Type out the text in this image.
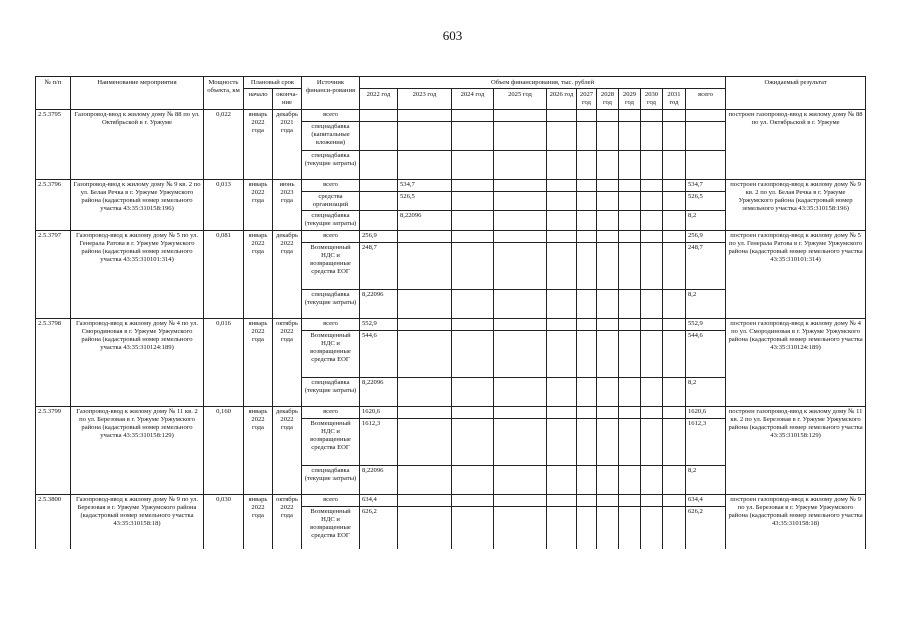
603
№ п/п	Наименование мероприятия	Мощность объекта, км	Плановый срок		Источник финанси-рования	Объем финансирования, тыс. рублей											Ожидаемый результат
			начало	оконча-ние		2022 год	2023 год	2024 год	2025 год	2026 год	2027 год	2028 год	2029 год	2030 год	2031 год	всего	
2.5.3795	Газопровод-ввод к жилому дому № 88 по ул. Октябрьской в г. Уржуме	0,022	январь 2022 года	декабрь 2021 года	всего												построен газопровод-ввод к жилому дому № 88 по ул. Октябрьской в г. Уржуме
					спецнадбавка (капитальные вложения)												
					спецнадбавка (текущие затраты)												
2.5.3796	Газопровод-ввод к жилому дому № 9 кв. 2 по ул. Белая Речка в г. Уржуме Уржумского района (кадастровый номер земельного участка 43:35:310158:196)	0,013	январь 2022 года	июнь 2023 года	всего		534,7									534,7	построен газопровод-ввод к жилому дому № 9 кв. 2 по ул. Белая Речка в г. Уржуме Уржумского района (кадастровый номер земельного участка 43:35:310158:196)
					средства организаций		526,5									526,5	
					спецнадбавка (текущие затраты)		8,22096									8,2	
2.5.3797	Газопровод-ввод к жилому дому № 5 по ул. Генерала Ратова в г. Уржуме Уржумского района (кадастровый номер земельного участка 43:35:310101:314)	0,081	январь 2022 года	декабрь 2022 года	всего	256,9										256,9	построен газопровод-ввод к жилому дому № 5 по ул. Генерала Ратова в г. Уржуме Уржумского района (кадастровый номер земельного участка 43:35:310101:314)
					Возмещенный НДС и возвращенные средства ЕОГ	248,7										248,7	
					спецнадбавка (текущие затраты)	8,22096										8,2	
2.5.3798	Газопровод-ввод к жилому дому № 4 по ул. Смородиновая в г. Уржуме Уржумского района (кадастровый номер земельного участка 43:35:310124:189)	0,016	январь 2022 года	октябрь 2022 года	всего	552,9										552,9	построен газопровод-ввод к жилому дому № 4 по ул. Смородиновая в г. Уржуме Уржумского района (кадастровый номер земельного участка 43:35:310124:189)
					Возмещенный НДС и возвращенные средства ЕОГ	544,6										544,6	
					спецнадбавка (текущие затраты)	8,22096										8,2	
2.5.3799	Газопровод-ввод к жилому дому № 11 кв. 2 по ул. Березовая в г. Уржуме Уржумского района (кадастровый номер земельного участка 43:35:310158:129)	0,160	январь 2022 года	декабрь 2022 года	всего	1620,6										1620,6	построен газопровод-ввод к жилому дому № 11 кв. 2 по ул. Березовая в г. Уржуме Уржумского района (кадастровый номер земельного участка 43:35:310158:129)
					Возмещенный НДС и возвращенные средства ЕОГ	1612,3										1612,3	
					спецнадбавка (текущие затраты)	8,22096										8,2	
2.5.3800	Газопровод-ввод к жилому дому № 9 по ул. Березовая в г. Уржуме Уржумского района (кадастровый номер земельного участка 43:35:310158:18)	0,030	январь 2022 года	октябрь 2022 года	всего	634,4										634,4	построен газопровод-ввод к жилому дому № 9 по ул. Березовая в г. Уржуме Уржумского района (кадастровый номер земельного участка 43:35:310158:18)
					Возмещенный НДС и возвращенные средства ЕОГ	626,2										626,2	
